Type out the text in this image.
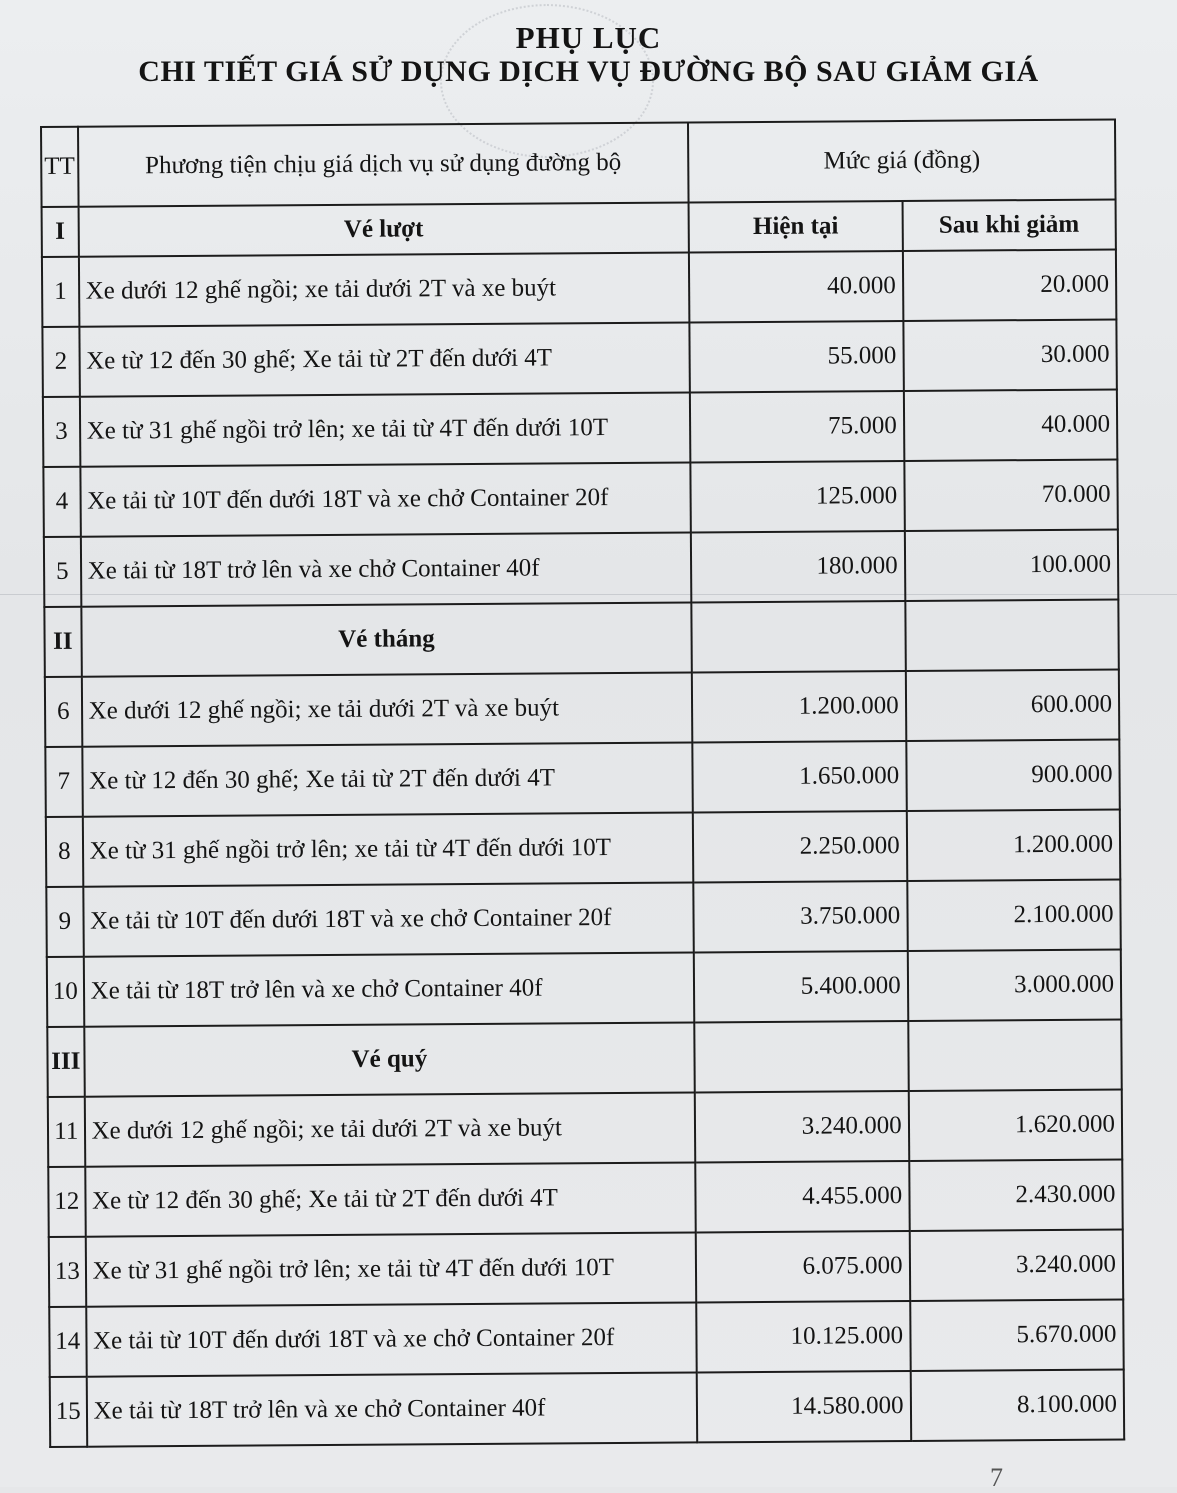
PHỤ LỤC
CHI TIẾT GIÁ SỬ DỤNG DỊCH VỤ ĐƯỜNG BỘ SAU GIẢM GIÁ
TT	Phương tiện chịu giá dịch vụ sử dụng đường bộ	Mức giá (đồng)	
I	Vé lượt	Hiện tại	Sau khi giảm
1	Xe dưới 12 ghế ngồi; xe tải dưới 2T và xe buýt	40.000	20.000
2	Xe từ 12 đến 30 ghế; Xe tải từ 2T đến dưới 4T	55.000	30.000
3	Xe từ 31 ghế ngồi trở lên; xe tải từ 4T đến dưới 10T	75.000	40.000
4	Xe tải từ 10T đến dưới 18T và xe chở Container 20f	125.000	70.000
5	Xe tải từ 18T trở lên và xe chở Container 40f	180.000	100.000
II	Vé tháng		
6	Xe dưới 12 ghế ngồi; xe tải dưới 2T và xe buýt	1.200.000	600.000
7	Xe từ 12 đến 30 ghế; Xe tải từ 2T đến dưới 4T	1.650.000	900.000
8	Xe từ 31 ghế ngồi trở lên; xe tải từ 4T đến dưới 10T	2.250.000	1.200.000
9	Xe tải từ 10T đến dưới 18T và xe chở Container 20f	3.750.000	2.100.000
10	Xe tải từ 18T trở lên và xe chở Container 40f	5.400.000	3.000.000
III	Vé quý		
11	Xe dưới 12 ghế ngồi; xe tải dưới 2T và xe buýt	3.240.000	1.620.000
12	Xe từ 12 đến 30 ghế; Xe tải từ 2T đến dưới 4T	4.455.000	2.430.000
13	Xe từ 31 ghế ngồi trở lên; xe tải từ 4T đến dưới 10T	6.075.000	3.240.000
14	Xe tải từ 10T đến dưới 18T và xe chở Container 20f	10.125.000	5.670.000
15	Xe tải từ 18T trở lên và xe chở Container 40f	14.580.000	8.100.000
7
